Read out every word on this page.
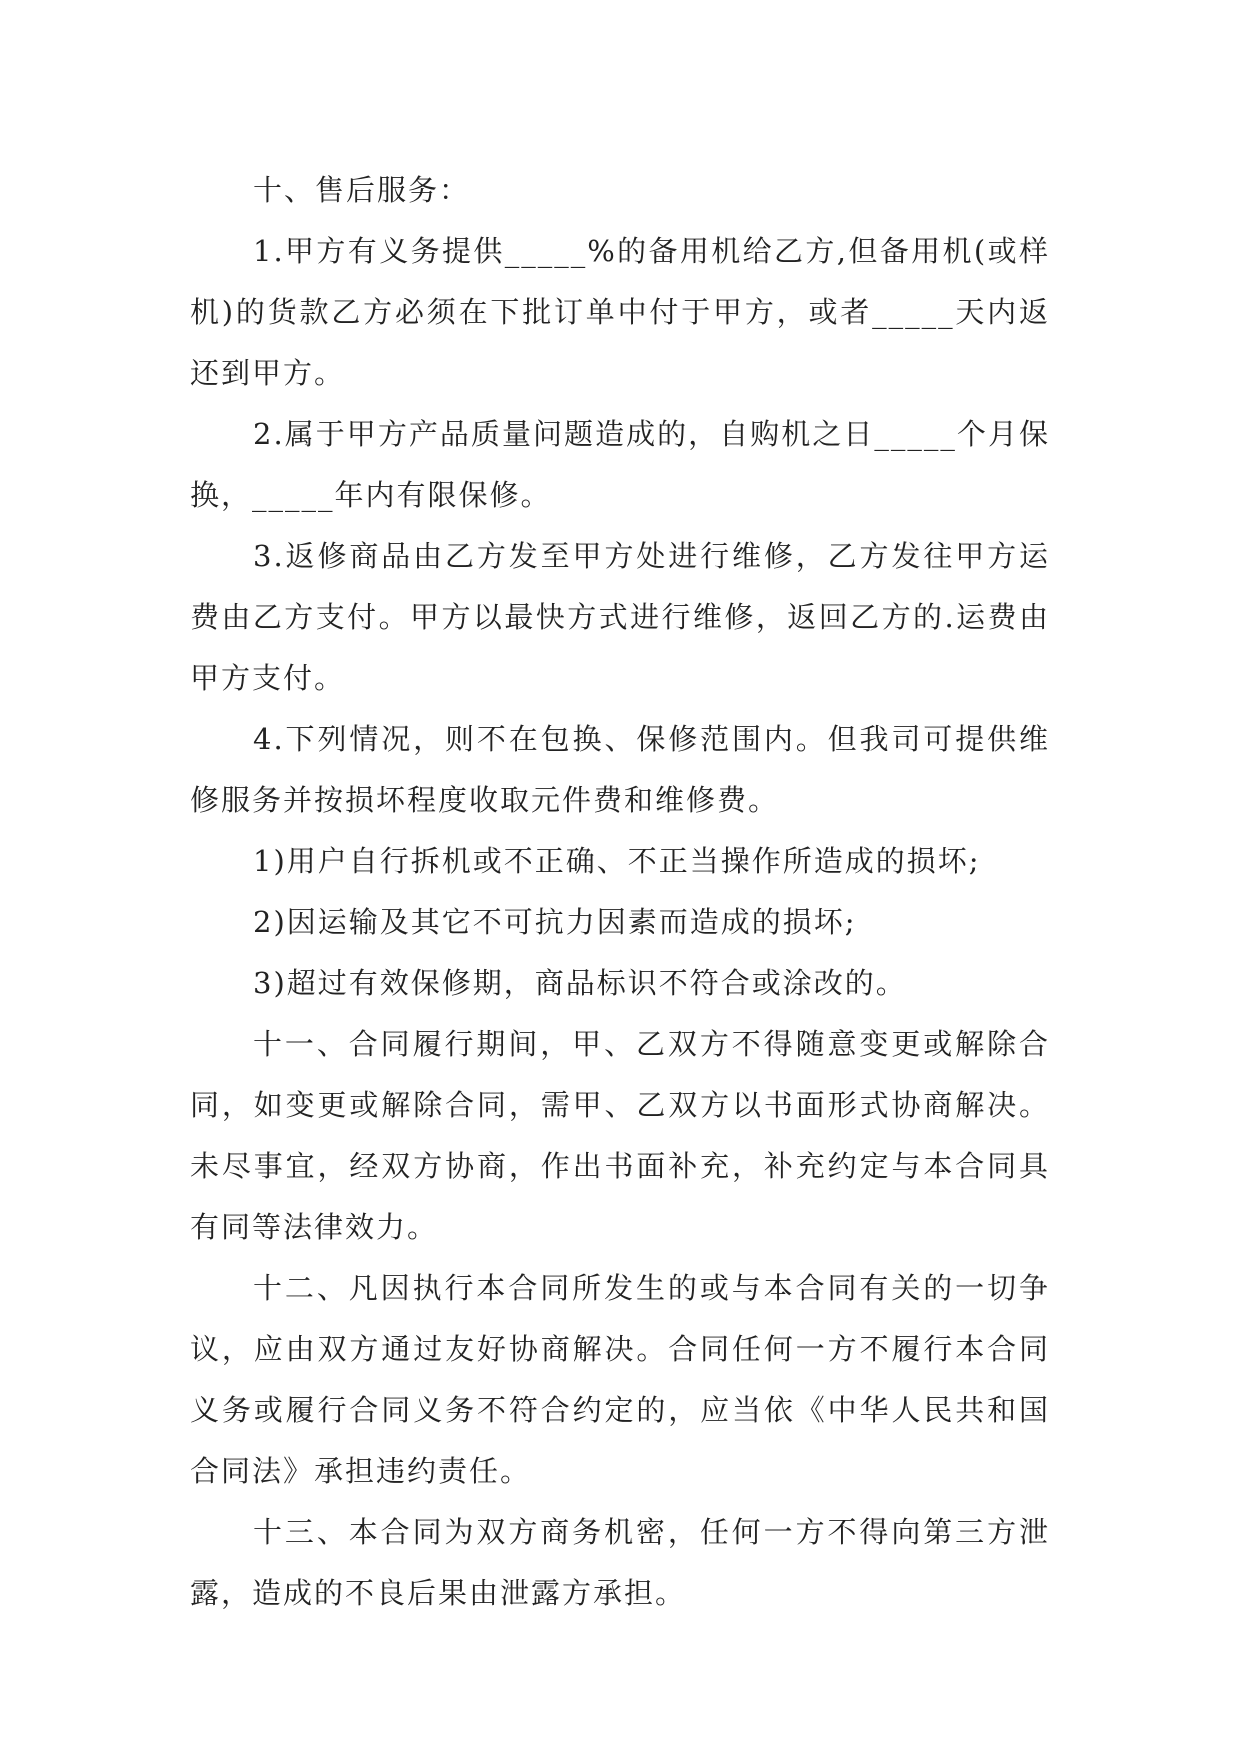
十、售后服务：

1.甲方有义务提供_____%的备用机给乙方,但备用机(或样机)的货款乙方必须在下批订单中付于甲方，或者_____天内返还到甲方。

2.属于甲方产品质量问题造成的，自购机之日_____个月保换，_____年内有限保修。

3.返修商品由乙方发至甲方处进行维修，乙方发往甲方运费由乙方支付。甲方以最快方式进行维修，返回乙方的.运费由甲方支付。

4.下列情况，则不在包换、保修范围内。但我司可提供维修服务并按损坏程度收取元件费和维修费。

1)用户自行拆机或不正确、不正当操作所造成的损坏;

2)因运输及其它不可抗力因素而造成的损坏;

3)超过有效保修期，商品标识不符合或涂改的。

十一、合同履行期间，甲、乙双方不得随意变更或解除合同，如变更或解除合同，需甲、乙双方以书面形式协商解决。未尽事宜，经双方协商，作出书面补充，补充约定与本合同具有同等法律效力。

十二、凡因执行本合同所发生的或与本合同有关的一切争议，应由双方通过友好协商解决。合同任何一方不履行本合同义务或履行合同义务不符合约定的，应当依《中华人民共和国合同法》承担违约责任。

十三、本合同为双方商务机密，任何一方不得向第三方泄露，造成的不良后果由泄露方承担。
